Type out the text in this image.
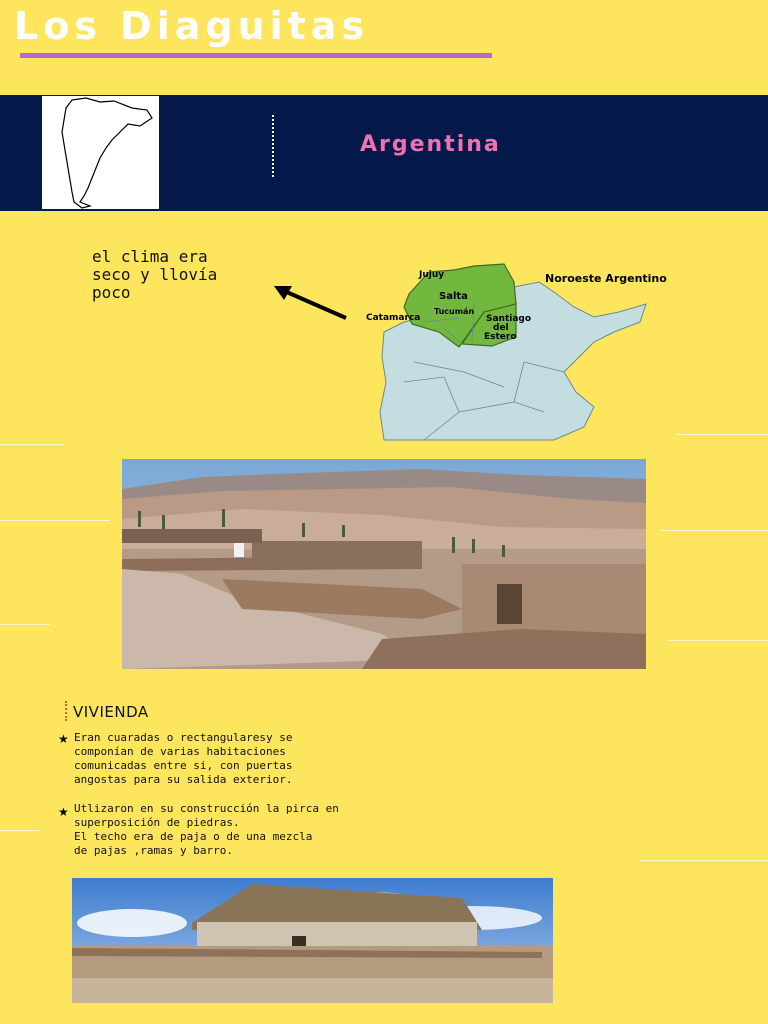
Los Diaguitas
Argentina
el clima era
seco y llovía
poco
Noroeste Argentino
Jujuy
Salta
Tucumán
Catamarca	Santiago
del
Estero
VIVIENDA
★ Eran cuaradas o rectangularesy se

componían de varias habitaciones

comunicadas entre si, con puertas

angostas para su salida exterior.

★ Utlizaron en su construcción la pirca en

superposición de piedras.

El techo era de paja o de una mezcla

de pajas ,ramas y barro.
